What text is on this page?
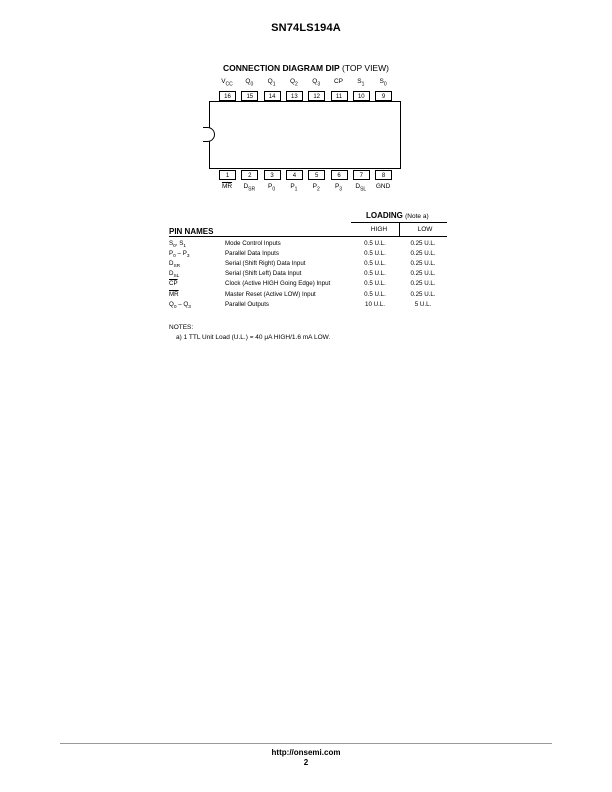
SN74LS194A
CONNECTION DIAGRAM DIP (TOP VIEW)
$V_{CC}$
16
$Q_0$
15
$Q_1$
14
$Q_2$
13
$Q_3$
12
CP
11
$S_1$
10
$S_0$
9
1
$\overline{MR}$
2
$D_{SR}$
3
$P_0$
4
$P_1$
5
$P_2$
6
$P_3$
7
$D_{SL}$
8
GND
LOADING (Note a)
PIN NAMES	HIGH	LOW
$S_0$, $S_1$	Mode Control Inputs	0.5 U.L.	0.25 U.L.
$P_0 - P_3$	Parallel Data Inputs	0.5 U.L.	0.25 U.L.
$D_{SR}$	Serial (Shift Right) Data Input	0.5 U.L.	0.25 U.L.
$D_{SL}$	Serial (Shift Left) Data Input	0.5 U.L.	0.25 U.L.
$\overline{CP}$	Clock (Active HIGH Going Edge) Input	0.5 U.L.	0.25 U.L.
$\overline{MR}$	Master Reset (Active LOW) Input	0.5 U.L.	0.25 U.L.
$Q_0 - Q_3$	Parallel Outputs	10 U.L.	5 U.L.
NOTES:
a) 1 TTL Unit Load (U.L.) = 40 μA HIGH/1.6 mA LOW.
http://onsemi.com
2
